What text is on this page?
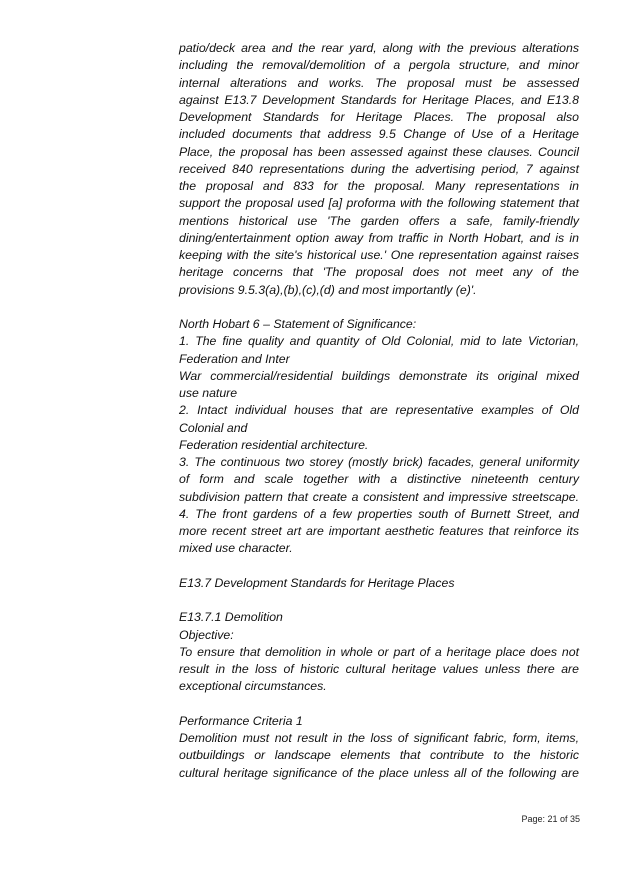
patio/deck area and the rear yard, along with the previous alterations
including the removal/demolition of a pergola structure, and minor
internal alterations and works. The proposal must be assessed
against E13.7 Development Standards for Heritage Places, and E13.8
Development Standards for Heritage Places. The proposal also
included documents that address 9.5 Change of Use of a Heritage
Place, the proposal has been assessed against these clauses. Council
received 840 representations during the advertising period, 7 against
the proposal and 833 for the proposal. Many representations in
support the proposal used [a] proforma with the following statement that
mentions historical use 'The garden offers a safe, family-friendly
dining/entertainment option away from traffic in North Hobart, and is in
keeping with the site's historical use.' One representation against raises
heritage concerns that 'The proposal does not meet any of the
provisions 9.5.3(a),(b),(c),(d) and most importantly (e)'.
North Hobart 6 – Statement of Significance:
1. The fine quality and quantity of Old Colonial, mid to late Victorian,
Federation and Inter
War commercial/residential buildings demonstrate its original mixed
use nature
2. Intact individual houses that are representative examples of Old
Colonial and
Federation residential architecture.
3. The continuous two storey (mostly brick) facades, general uniformity
of form and scale together with a distinctive nineteenth century
subdivision pattern that create a consistent and impressive streetscape.
4. The front gardens of a few properties south of Burnett Street, and
more recent street art are important aesthetic features that reinforce its
mixed use character.
E13.7 Development Standards for Heritage Places
E13.7.1 Demolition
Objective:
To ensure that demolition in whole or part of a heritage place does not
result in the loss of historic cultural heritage values unless there are
exceptional circumstances.
Performance Criteria 1
Demolition must not result in the loss of significant fabric, form, items,
outbuildings or landscape elements that contribute to the historic
cultural heritage significance of the place unless all of the following are
Page: 21 of 35
